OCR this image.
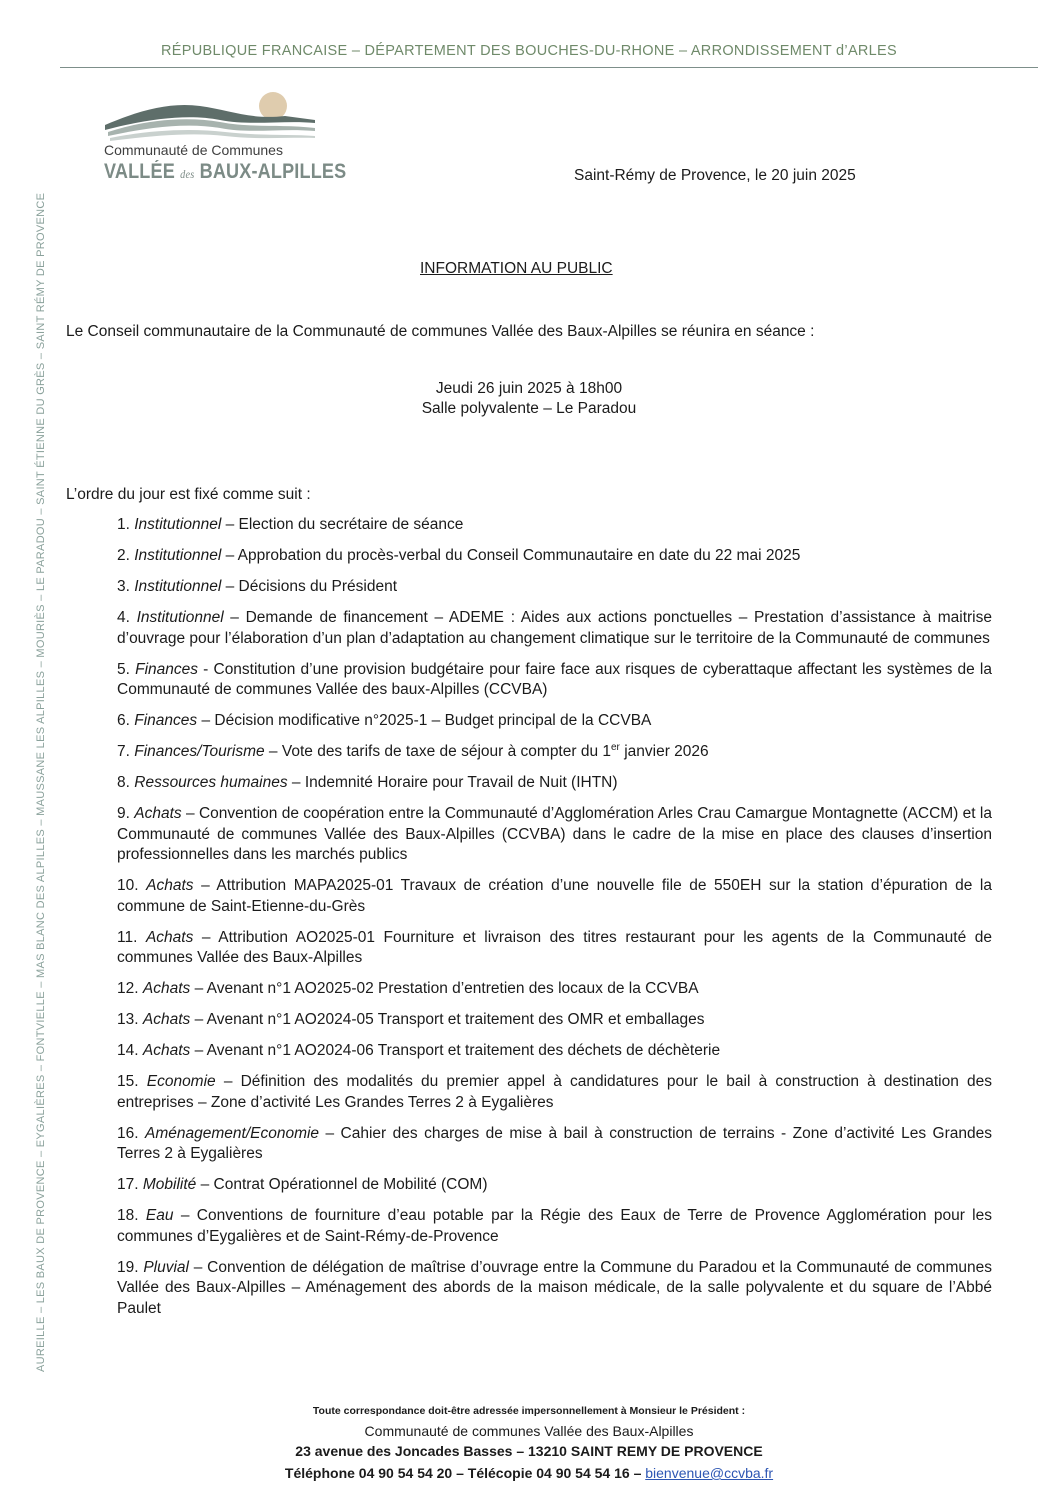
RÉPUBLIQUE FRANCAISE – DÉPARTEMENT DES BOUCHES-DU-RHONE – ARRONDISSEMENT d’ARLES
Communauté de Communes
VALLÉE des BAUX-ALPILLES	Saint-Rémy de Provence, le 20 juin 2025
AUREILLE – LES BAUX DE PROVENCE – EYGALIÈRES – FONTVIELLE – MAS BLANC DES ALPILLES – MAUSSANE LES ALPILLES – MOURIÈS – LE PARADOU – SAINT ÉTIENNE DU GRÈS – SAINT RÉMY DE PROVENCE	INFORMATION AU PUBLIC
Le Conseil communautaire de la Communauté de communes Vallée des Baux-Alpilles se réunira en séance :
Jeudi 26 juin 2025 à 18h00
Salle polyvalente – Le Paradou
L’ordre du jour est fixé comme suit :
1. Institutionnel – Election du secrétaire de séance
2. Institutionnel – Approbation du procès-verbal du Conseil Communautaire en date du 22 mai 2025
3. Institutionnel – Décisions du Président
4. Institutionnel – Demande de financement – ADEME : Aides aux actions ponctuelles – Prestation d’assistance à maitrise d’ouvrage pour l’élaboration d’un plan d’adaptation au changement climatique sur le territoire de la Communauté de communes
5. Finances - Constitution d’une provision budgétaire pour faire face aux risques de cyberattaque affectant les systèmes de la Communauté de communes Vallée des baux-Alpilles (CCVBA)
6. Finances – Décision modificative n°2025-1 – Budget principal de la CCVBA
7. Finances/Tourisme – Vote des tarifs de taxe de séjour à compter du 1er janvier 2026
8. Ressources humaines – Indemnité Horaire pour Travail de Nuit (IHTN)
9. Achats – Convention de coopération entre la Communauté d’Agglomération Arles Crau Camargue Montagnette (ACCM) et la Communauté de communes Vallée des Baux-Alpilles (CCVBA) dans le cadre de la mise en place des clauses d’insertion professionnelles dans les marchés publics
10. Achats – Attribution MAPA2025-01 Travaux de création d’une nouvelle file de 550EH sur la station d’épuration de la commune de Saint-Etienne-du-Grès
11. Achats – Attribution AO2025-01 Fourniture et livraison des titres restaurant pour les agents de la Communauté de communes Vallée des Baux-Alpilles
12. Achats – Avenant n°1 AO2025-02 Prestation d’entretien des locaux de la CCVBA
13. Achats – Avenant n°1 AO2024-05 Transport et traitement des OMR et emballages
14. Achats – Avenant n°1 AO2024-06 Transport et traitement des déchets de déchèterie
15. Economie – Définition des modalités du premier appel à candidatures pour le bail à construction à destination des entreprises – Zone d’activité Les Grandes Terres 2 à Eygalières
16. Aménagement/Economie – Cahier des charges de mise à bail à construction de terrains - Zone d’activité Les Grandes Terres 2 à Eygalières
17. Mobilité – Contrat Opérationnel de Mobilité (COM)
18. Eau – Conventions de fourniture d’eau potable par la Régie des Eaux de Terre de Provence Agglomération pour les communes d’Eygalières et de Saint-Rémy-de-Provence
19. Pluvial – Convention de délégation de maîtrise d’ouvrage entre la Commune du Paradou et la Communauté de communes Vallée des Baux-Alpilles – Aménagement des abords de la maison médicale, de la salle polyvalente et du square de l’Abbé Paulet
Toute correspondance doit-être adressée impersonnellement à Monsieur le Président :
Communauté de communes Vallée des Baux-Alpilles
23 avenue des Joncades Basses – 13210 SAINT REMY DE PROVENCE
Téléphone 04 90 54 54 20 – Télécopie 04 90 54 54 16 – bienvenue@ccvba.fr
